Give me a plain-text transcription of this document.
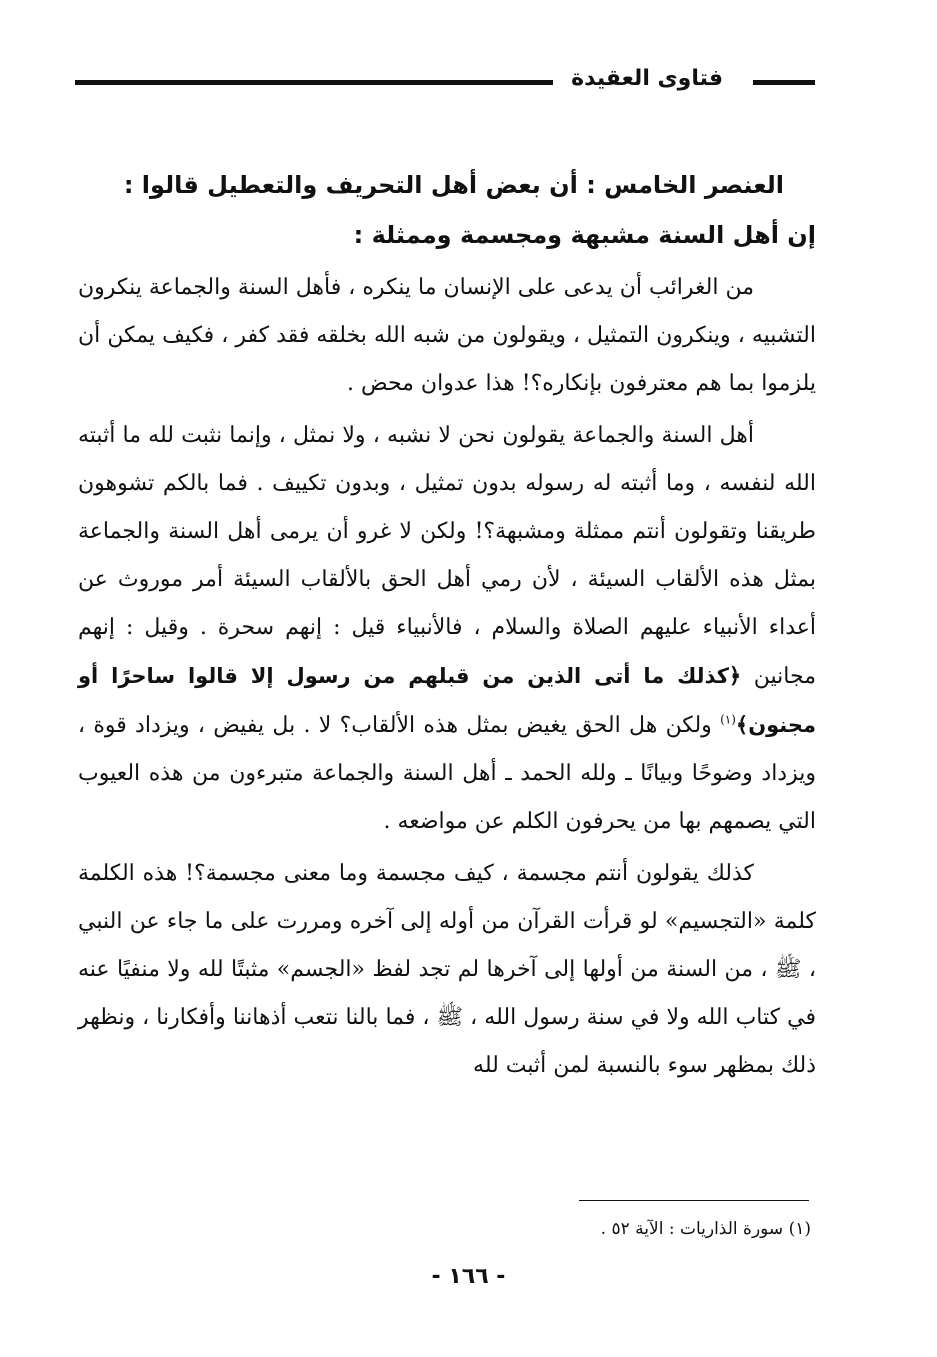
فتاوى العقيدة
العنصر الخامس : أن بعض أهل التحريف والتعطيل قالوا :
إن أهل السنة مشبهة ومجسمة وممثلة :

من الغرائب أن يدعى على الإنسان ما ينكره ، فأهل السنة والجماعة ينكرون التشبيه ، وينكرون التمثيل ، ويقولون من شبه الله بخلقه فقد كفر ، فكيف يمكن أن يلزموا بما هم معترفون بإنكاره؟! هذا عدوان محض .

أهل السنة والجماعة يقولون نحن لا نشبه ، ولا نمثل ، وإنما نثبت لله ما أثبته الله لنفسه ، وما أثبته له رسوله بدون تمثيل ، وبدون تكييف . فما بالكم تشوهون طريقنا وتقولون أنتم ممثلة ومشبهة؟! ولكن لا غرو أن يرمى أهل السنة والجماعة بمثل هذه الألقاب السيئة ، لأن رمي أهل الحق بالألقاب السيئة أمر موروث عن أعداء الأنبياء عليهم الصلاة والسلام ، فالأنبياء قيل : إنهم سحرة . وقيل : إنهم مجانين ﴿كذلك ما أتى الذين من قبلهم من رسول إلا قالوا ساحرًا أو مجنون﴾$^{(١)}$ ولكن هل الحق يغيض بمثل هذه الألقاب؟ لا . بل يفيض ، ويزداد قوة ، ويزداد وضوحًا وبيانًا ـ ولله الحمد ـ أهل السنة والجماعة متبرءون من هذه العيوب التي يصمهم بها من يحرفون الكلم عن مواضعه .

كذلك يقولون أنتم مجسمة ، كيف مجسمة وما معنى مجسمة؟! هذه الكلمة كلمة «التجسيم» لو قرأت القرآن من أوله إلى آخره ومررت على ما جاء عن النبي ، ﷺ ، من السنة من أولها إلى آخرها لم تجد لفظ «الجسم» مثبتًا لله ولا منفيًا عنه في كتاب الله ولا في سنة رسول الله ، ﷺ ، فما بالنا نتعب أذهاننا وأفكارنا ، ونظهر ذلك بمظهر سوء بالنسبة لمن أثبت لله

(١) سورة الذاريات : الآية ٥٢ .
- ١٦٦ -
